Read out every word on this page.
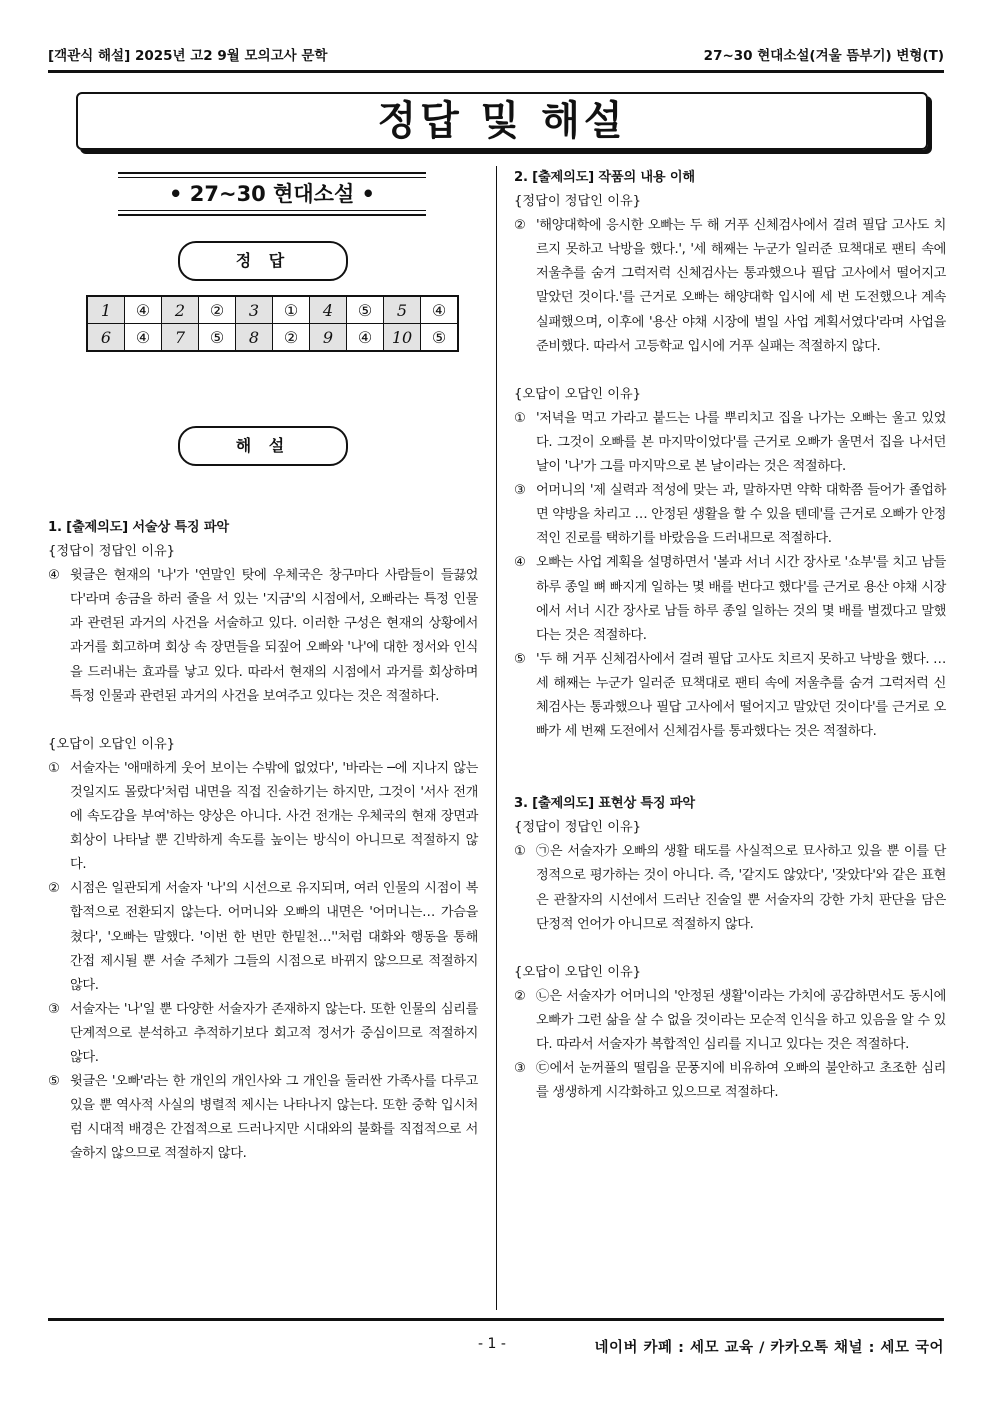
[객관식 해설] 2025년 고2 9월 모의고사 문학	27~30 현대소설(겨울 뜸부기) 변형(T)
정답 및 해설
• 27~30 현대소설 •
정 답
1	④	2	②	3	①	4	⑤	5	④
6	④	7	⑤	8	②	9	④	10	⑤
해 설

1. [출제의도] 서술상 특징 파악

{정답이 정답인 이유}

④ 윗글은 현재의 '나'가 '연말인 탓에 우체국은 창구마다 사람들이 들끓었다'라며 송금을 하러 줄을 서 있는 '지금'의 시점에서, 오빠라는 특정 인물과 관련된 과거의 사건을 서술하고 있다. 이러한 구성은 현재의 상황에서 과거를 회고하며 회상 속 장면들을 되짚어 오빠와 '나'에 대한 정서와 인식을 드러내는 효과를 낳고 있다. 따라서 현재의 시점에서 과거를 회상하며 특정 인물과 관련된 과거의 사건을 보여주고 있다는 것은 적절하다.

{오답이 오답인 이유}

① 서술자는 '애매하게 웃어 보이는 수밖에 없었다', '바라는 ─에 지나지 않는 것일지도 몰랐다'처럼 내면을 직접 진술하기는 하지만, 그것이 '서사 전개에 속도감을 부여'하는 양상은 아니다. 사건 전개는 우체국의 현재 장면과 회상이 나타날 뿐 긴박하게 속도를 높이는 방식이 아니므로 적절하지 않다.
② 시점은 일관되게 서술자 '나'의 시선으로 유지되며, 여러 인물의 시점이 복합적으로 전환되지 않는다. 어머니와 오빠의 내면은 '어머니는… 가슴을 쳤다', '오빠는 말했다. '이번 한 번만 한밑천…''처럼 대화와 행동을 통해 간접 제시될 뿐 서술 주체가 그들의 시점으로 바뀌지 않으므로 적절하지 않다.
③ 서술자는 '나'일 뿐 다양한 서술자가 존재하지 않는다. 또한 인물의 심리를 단계적으로 분석하고 추적하기보다 회고적 정서가 중심이므로 적절하지 않다.
⑤ 윗글은 '오빠'라는 한 개인의 개인사와 그 개인을 둘러싼 가족사를 다루고 있을 뿐 역사적 사실의 병렬적 제시는 나타나지 않는다. 또한 중학 입시처럼 시대적 배경은 간접적으로 드러나지만 시대와의 불화를 직접적으로 서술하지 않으므로 적절하지 않다.

2. [출제의도] 작품의 내용 이해

{정답이 정답인 이유}

② '해양대학에 응시한 오빠는 두 해 거푸 신체검사에서 걸려 필답 고사도 치르지 못하고 낙방을 했다.', '세 해째는 누군가 일러준 묘책대로 팬티 속에 저울추를 숨겨 그럭저럭 신체검사는 통과했으나 필답 고사에서 떨어지고 말았던 것이다.'를 근거로 오빠는 해양대학 입시에 세 번 도전했으나 계속 실패했으며, 이후에 '용산 야채 시장에 벌일 사업 계획서였다'라며 사업을 준비했다. 따라서 고등학교 입시에 거푸 실패는 적절하지 않다.

{오답이 오답인 이유}

① '저녁을 먹고 가라고 붙드는 나를 뿌리치고 집을 나가는 오빠는 울고 있었다. 그것이 오빠를 본 마지막이었다'를 근거로 오빠가 울면서 집을 나서던 날이 '나'가 그를 마지막으로 본 날이라는 것은 적절하다.
③ 어머니의 '제 실력과 적성에 맞는 과, 말하자면 약학 대학쯤 들어가 졸업하면 약방을 차리고 … 안정된 생활을 할 수 있을 텐데'를 근거로 오빠가 안정적인 진로를 택하기를 바랐음을 드러내므로 적절하다.
④ 오빠는 사업 계획을 설명하면서 '볼과 서너 시간 장사로 '쇼부'를 치고 남들 하루 종일 뼈 빠지게 일하는 몇 배를 번다고 했다'를 근거로 용산 야채 시장에서 서너 시간 장사로 남들 하루 종일 일하는 것의 몇 배를 벌겠다고 말했다는 것은 적절하다.
⑤ '두 해 거푸 신체검사에서 걸려 필답 고사도 치르지 못하고 낙방을 했다. … 세 해째는 누군가 일러준 묘책대로 팬티 속에 저울추를 숨겨 그럭저럭 신체검사는 통과했으나 필답 고사에서 떨어지고 말았던 것이다'를 근거로 오빠가 세 번째 도전에서 신체검사를 통과했다는 것은 적절하다.

3. [출제의도] 표현상 특징 파악

{정답이 정답인 이유}

① ㉠은 서술자가 오빠의 생활 태도를 사실적으로 묘사하고 있을 뿐 이를 단정적으로 평가하는 것이 아니다. 즉, '같지도 않았다', '잦았다'와 같은 표현은 관찰자의 시선에서 드러난 진술일 뿐 서술자의 강한 가치 판단을 담은 단정적 언어가 아니므로 적절하지 않다.

{오답이 오답인 이유}

② ㉡은 서술자가 어머니의 '안정된 생활'이라는 가치에 공감하면서도 동시에 오빠가 그런 삶을 살 수 없을 것이라는 모순적 인식을 하고 있음을 알 수 있다. 따라서 서술자가 복합적인 심리를 지니고 있다는 것은 적절하다.
③ ㉢에서 눈꺼풀의 떨림을 문풍지에 비유하여 오빠의 불안하고 초조한 심리를 생생하게 시각화하고 있으므로 적절하다.
- 1 -	네이버 카페 : 세모 교육 / 카카오톡 채널 : 세모 국어
